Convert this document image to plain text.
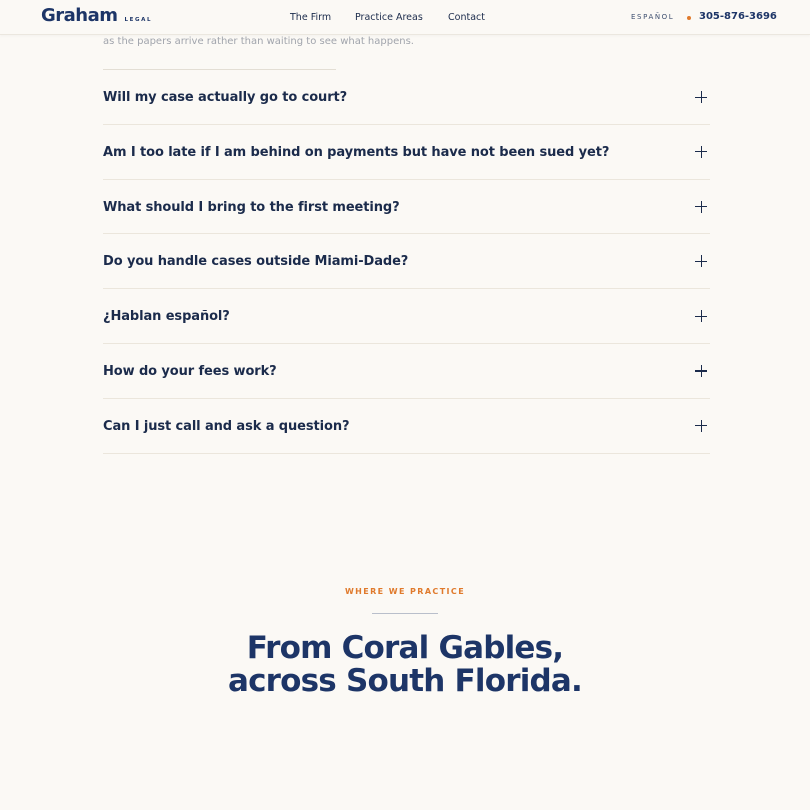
Graham LEGAL	The Firm	Practice Areas	Contact	ESPAÑOL 305-876-3696
as the papers arrive rather than waiting to see what happens.
Will my case actually go to court?
Am I too late if I am behind on payments but have not been sued yet?
What should I bring to the first meeting?
Do you handle cases outside Miami-Dade?
¿Hablan español?
How do your fees work?
Can I just call and ask a question?
WHERE WE PRACTICE
From Coral Gables,
across South Florida.
